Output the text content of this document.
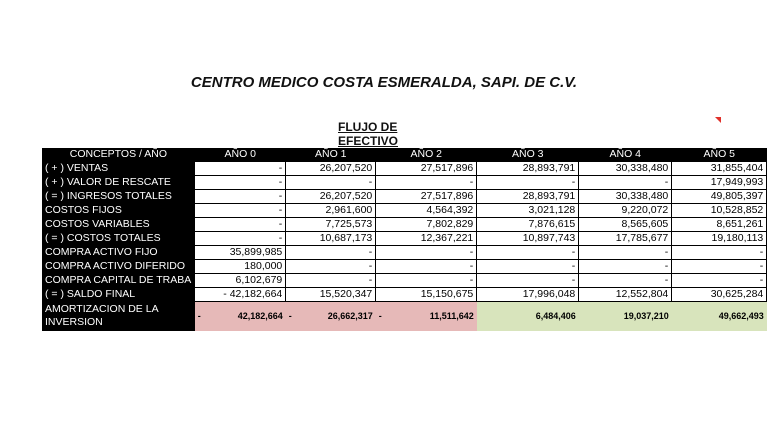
CENTRO MEDICO COSTA ESMERALDA, SAPI. DE C.V.
FLUJO DE EFECTIVO
CONCEPTOS / AÑO	AÑO 0	AÑO 1	AÑO 2	AÑO 3	AÑO 4	AÑO 5
( + ) VENTAS	-	26,207,520	27,517,896	28,893,791	30,338,480	31,855,404
( + ) VALOR DE RESCATE	-	-	-	-	-	17,949,993
( = ) INGRESOS TOTALES	-	26,207,520	27,517,896	28,893,791	30,338,480	49,805,397
COSTOS FIJOS	-	2,961,600	4,564,392	3,021,128	9,220,072	10,528,852
COSTOS VARIABLES	-	7,725,573	7,802,829	7,876,615	8,565,605	8,651,261
( = ) COSTOS TOTALES	-	10,687,173	12,367,221	10,897,743	17,785,677	19,180,113
COMPRA ACTIVO FIJO	35,899,985	-	-	-	-	-
COMPRA ACTIVO DIFERIDO	180,000	-	-	-	-	-
COMPRA CAPITAL DE TRABA	6,102,679	-	-	-	-	-
( = ) SALDO FINAL	- 42,182,664	15,520,347	15,150,675	17,996,048	12,552,804	30,625,284
AMORTIZACION DE LA INVERSION	- 42,182,664	- 26,662,317	- 11,511,642	6,484,406	19,037,210	49,662,493
